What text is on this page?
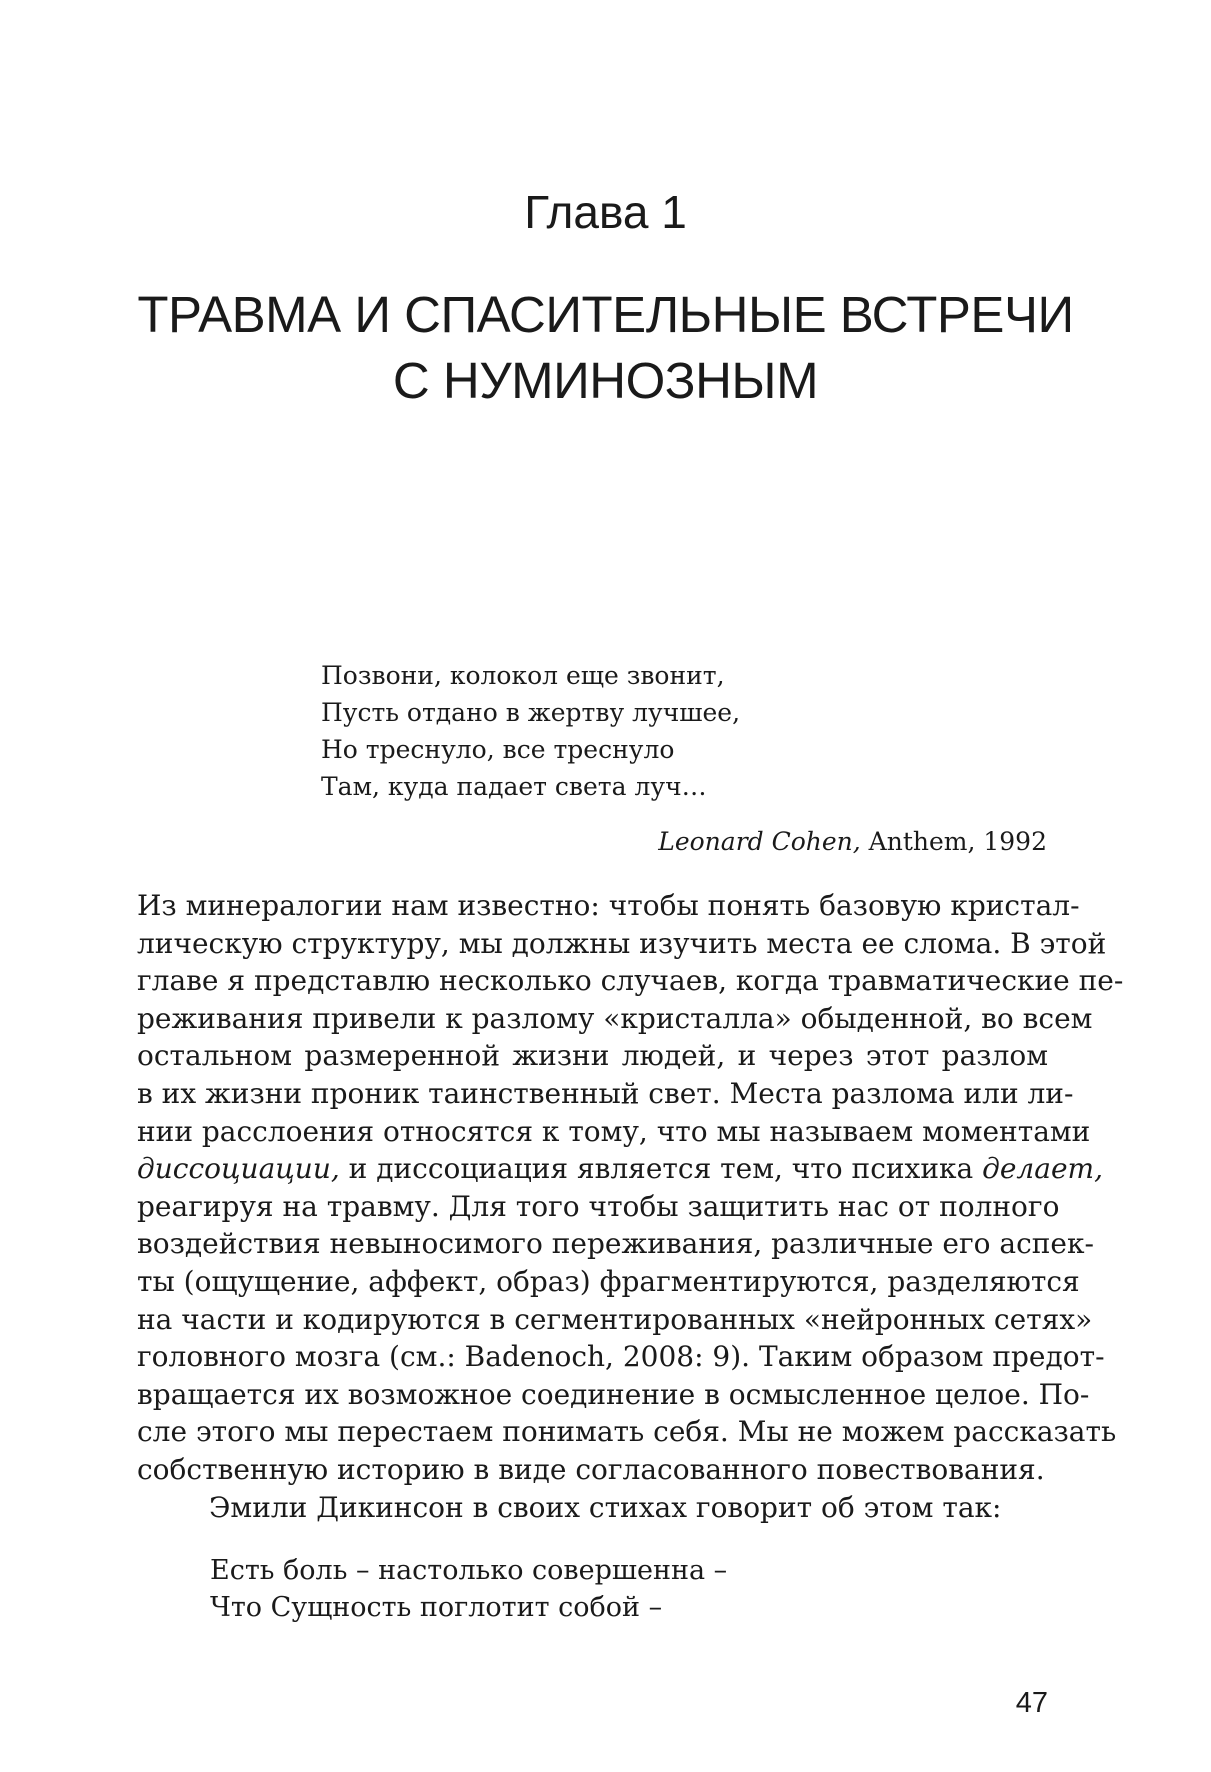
Глава 1
ТРАВМА И СПАСИТЕЛЬНЫЕ ВСТРЕЧИ
С НУМИНОЗНЫМ
Позвони, колокол еще звонит,
Пусть отдано в жертву лучшее,
Но треснуло, все треснуло
Там, куда падает света луч…
Leonard Cohen, Anthem, 1992
Из минералогии нам известно: чтобы понять базовую кристал-
лическую структуру, мы должны изучить места ее слома. В этой
главе я представлю несколько случаев, когда травматические пе-
реживания привели к разлому «кристалла» обыденной, во всем
остальном размеренной жизни людей, и через этот разлом
в их жизни проник таинственный свет. Места разлома или ли-
нии расслоения относятся к тому, что мы называем моментами
диссоциации, и диссоциация является тем, что психика делает,
реагируя на травму. Для того чтобы защитить нас от полного
воздействия невыносимого переживания, различные его аспек-
ты (ощущение, аффект, образ) фрагментируются, разделяются
на части и кодируются в сегментированных «нейронных сетях»
головного мозга (см.: Badenoch, 2008: 9). Таким образом предот-
вращается их возможное соединение в осмысленное целое. По-
сле этого мы перестаем понимать себя. Мы не можем рассказать
собственную историю в виде согласованного повествования.
Эмили Дикинсон в своих стихах говорит об этом так:
Есть боль – настолько совершенна –
Что Сущность поглотит собой –
47
